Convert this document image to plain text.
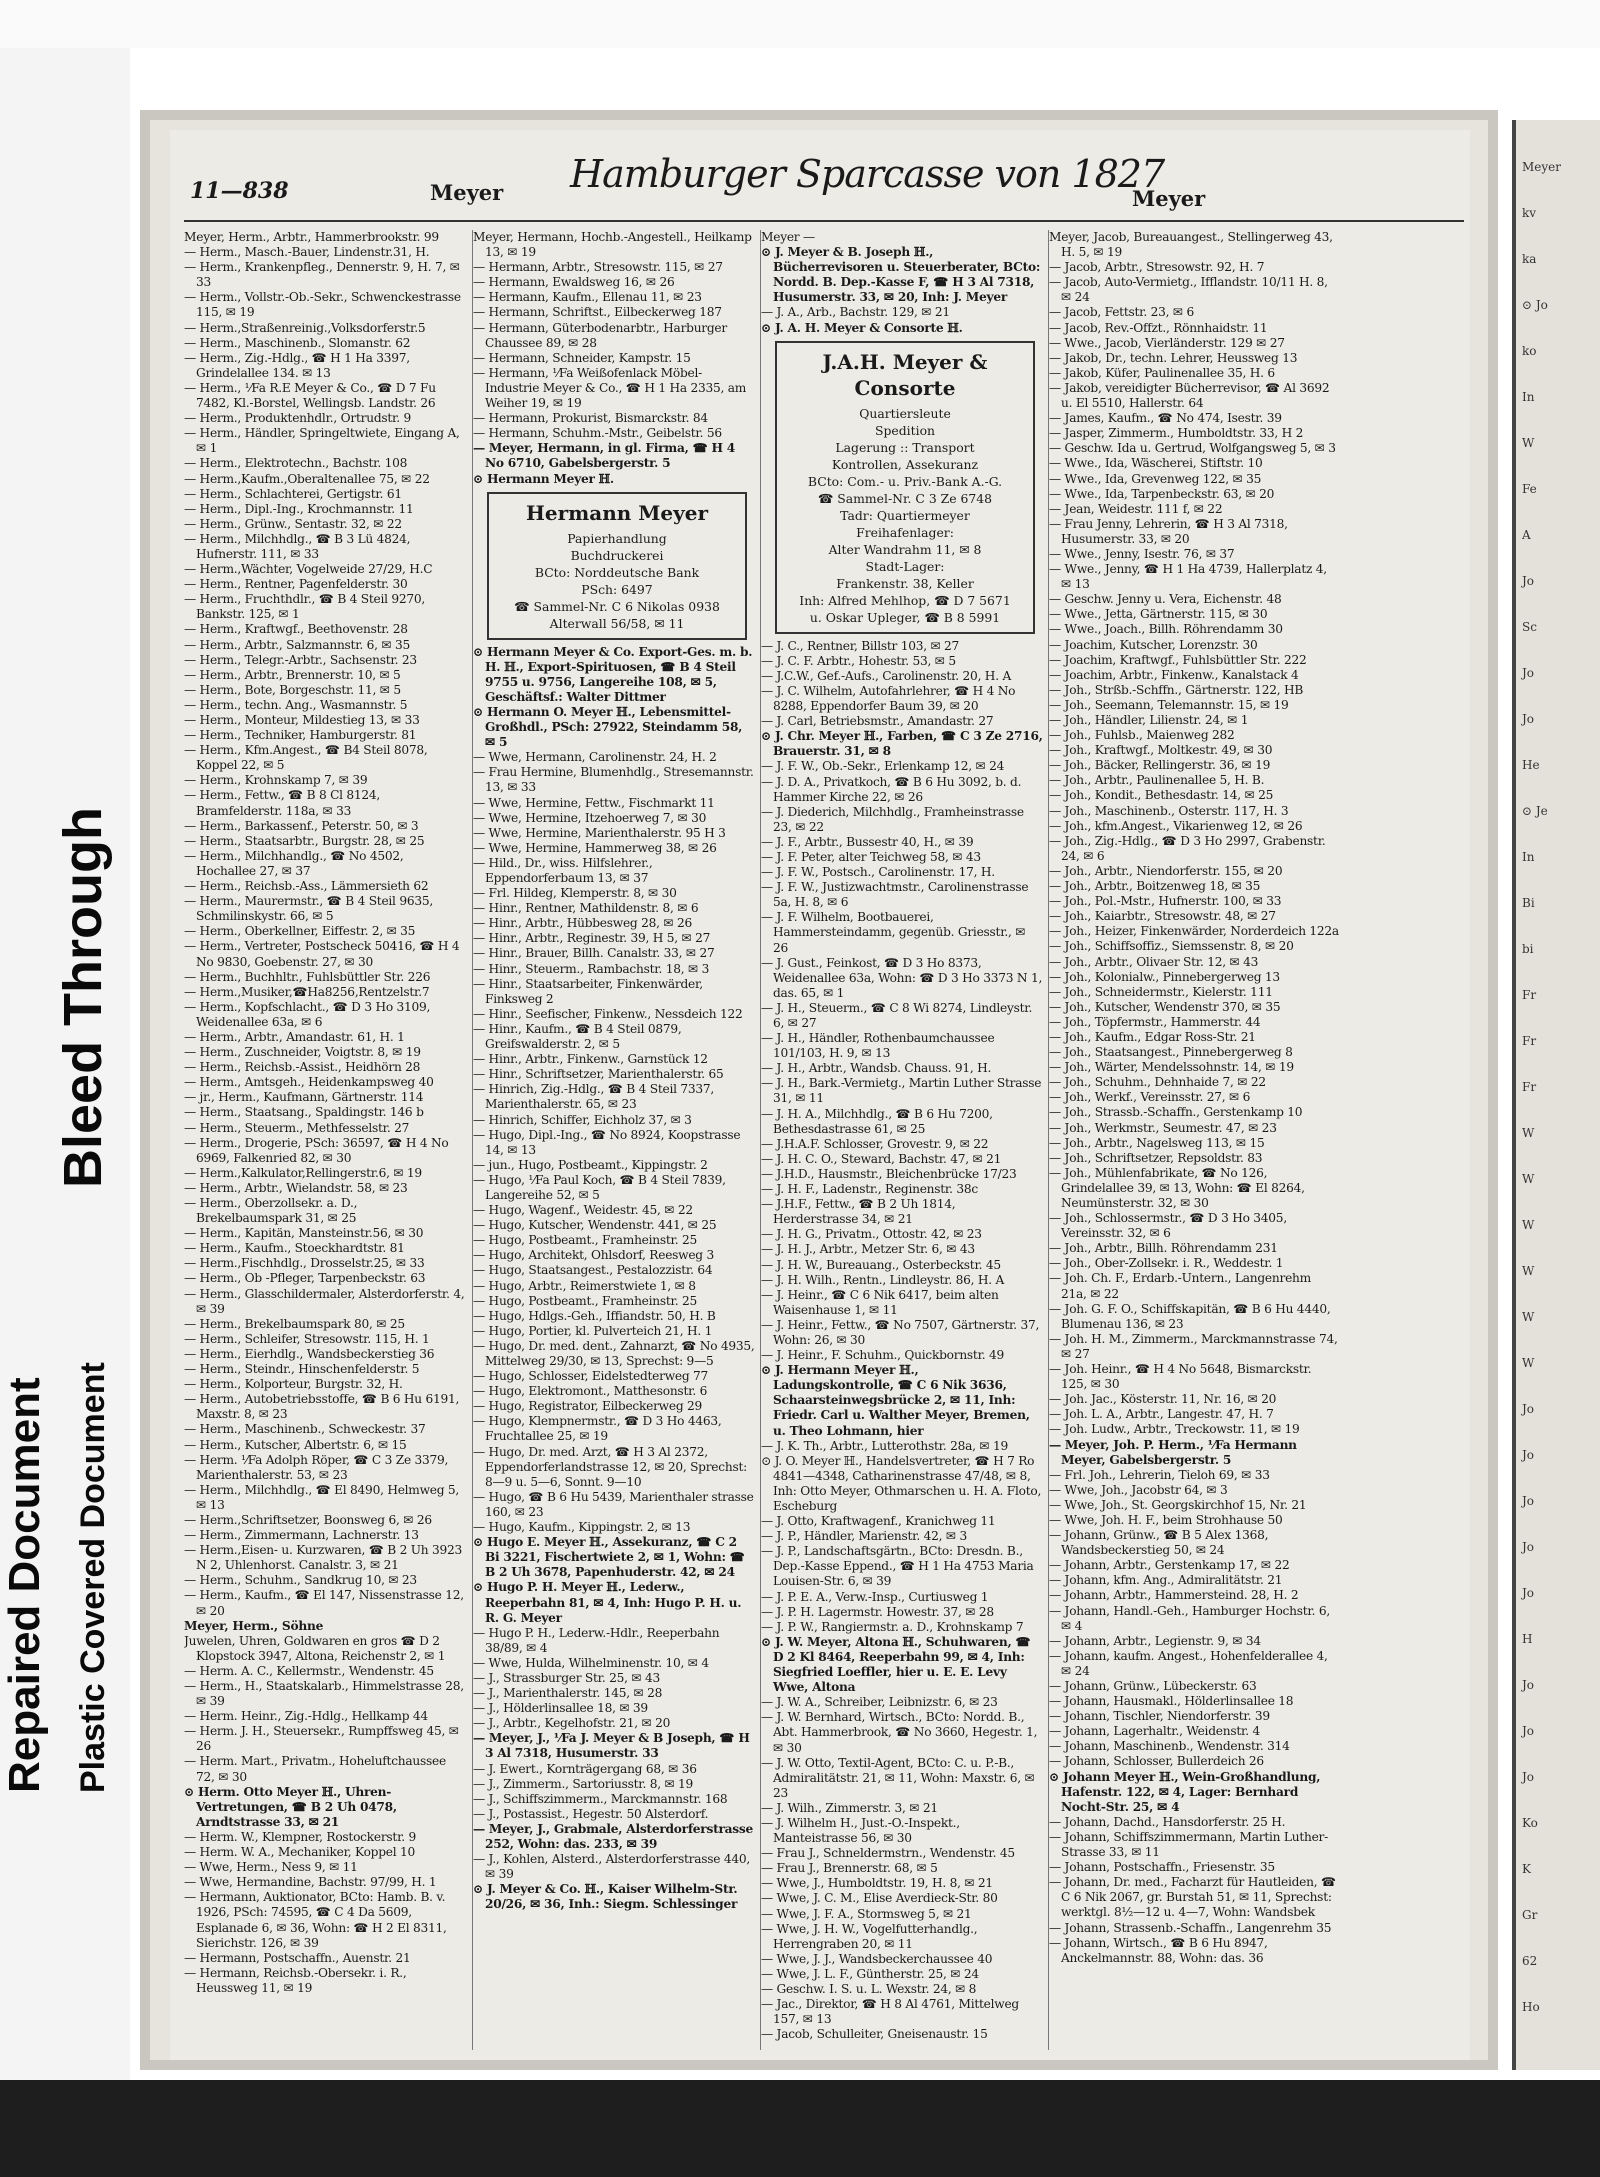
Bleed Through
Repaired Document Plastic Covered Document
11—838	Meyer Hamburger Sparcasse von 1827
Meyer
Meyer, Herm., Arbtr., Hammerbrookstr. 99
— Herm., Masch.-Bauer, Lindenstr.31, H.
— Herm., Krankenpfleg., Dennerstr. 9, H. 7, ✉ 33
— Herm., Vollstr.-Ob.-Sekr., Schwenckestrasse 115, ✉ 19
— Herm.,Straßenreinig.,Volksdorferstr.5
— Herm., Maschinenb., Slomanstr. 62
— Herm., Zig.-Hdlg., ☎ H 1 Ha 3397, Grindelallee 134. ✉ 13
— Herm., ⅟Fa R.E Meyer & Co., ☎ D 7 Fu 7482, Kl.-Borstel, Wellingsb. Landstr. 26
— Herm., Produktenhdlr., Ortrudstr. 9
— Herm., Händler, Springeltwiete, Eingang A, ✉ 1
— Herm., Elektrotechn., Bachstr. 108
— Herm.,Kaufm.,Oberaltenallee 75, ✉ 22
— Herm., Schlachterei, Gertigstr. 61
— Herm., Dipl.-Ing., Krochmannstr. 11
— Herm., Grünw., Sentastr. 32, ✉ 22
— Herm., Milchhdlg., ☎ B 3 Lü 4824, Hufnerstr. 111, ✉ 33
— Herm.,Wächter, Vogelweide 27/29, H.C
— Herm., Rentner, Pagenfelderstr. 30
— Herm., Fruchthdlr., ☎ B 4 Steil 9270, Bankstr. 125, ✉ 1
— Herm., Kraftwgf., Beethovenstr. 28
— Herm., Arbtr., Salzmannstr. 6, ✉ 35
— Herm., Telegr.-Arbtr., Sachsenstr. 23
— Herm., Arbtr., Brennerstr. 10, ✉ 5
— Herm., Bote, Borgeschstr. 11, ✉ 5
— Herm., techn. Ang., Wasmannstr. 5
— Herm., Monteur, Mildestieg 13, ✉ 33
— Herm., Techniker, Hamburgerstr. 81
— Herm., Kfm.Angest., ☎ B4 Steil 8078, Koppel 22, ✉ 5
— Herm., Krohnskamp 7, ✉ 39
— Herm., Fettw., ☎ B 8 Cl 8124, Bramfelderstr. 118a, ✉ 33
— Herm., Barkassenf., Peterstr. 50, ✉ 3
— Herm., Staatsarbtr., Burgstr. 28, ✉ 25
— Herm., Milchhandlg., ☎ No 4502, Hochallee 27, ✉ 37
— Herm., Reichsb.-Ass., Lämmersieth 62
— Herm., Maurermstr., ☎ B 4 Steil 9635, Schmilinskystr. 66, ✉ 5
— Herm., Oberkellner, Eiffestr. 2, ✉ 35
— Herm., Vertreter, Postscheck 50416, ☎ H 4 No 9830, Goebenstr. 27, ✉ 30
— Herm., Buchhltr., Fuhlsbüttler Str. 226
— Herm.,Musiker,☎Ha8256,Rentzelstr.7
— Herm., Kopfschlacht., ☎ D 3 Ho 3109, Weidenallee 63a, ✉ 6
— Herm., Arbtr., Amandastr. 61, H. 1
— Herm., Zuschneider, Voigtstr. 8, ✉ 19
— Herm., Reichsb.-Assist., Heidhörn 28
— Herm., Amtsgeh., Heidenkampsweg 40
— jr., Herm., Kaufmann, Gärtnerstr. 114
— Herm., Staatsang., Spaldingstr. 146 b
— Herm., Steuerm., Methfesselstr. 27
— Herm., Drogerie, PSch: 36597, ☎ H 4 No 6969, Falkenried 82, ✉ 30
— Herm.,Kalkulator,Rellingerstr.6, ✉ 19
— Herm., Arbtr., Wielandstr. 58, ✉ 23
— Herm., Oberzollsekr. a. D., Brekelbaumspark 31, ✉ 25
— Herm., Kapitän, Mansteinstr.56, ✉ 30
— Herm., Kaufm., Stoeckhardtstr. 81
— Herm.,Fischhdlg., Drosselstr.25, ✉ 33
— Herm., Ob -Pfleger, Tarpenbeckstr. 63
— Herm., Glasschildermaler, Alsterdorferstr. 4, ✉ 39
— Herm., Brekelbaumspark 80, ✉ 25
— Herm., Schleifer, Stresowstr. 115, H. 1
— Herm., Eierhdlg., Wandsbeckerstieg 36
— Herm., Steindr., Hinschenfelderstr. 5
— Herm., Kolporteur, Burgstr. 32, H.
— Herm., Autobetriebsstoffe, ☎ B 6 Hu 6191, Maxstr. 8, ✉ 23
— Herm., Maschinenb., Schweckestr. 37
— Herm., Kutscher, Albertstr. 6, ✉ 15
— Herm. ⅟Fa Adolph Röper, ☎ C 3 Ze 3379, Marienthalerstr. 53, ✉ 23
— Herm., Milchhdlg., ☎ El 8490, Helmweg 5, ✉ 13
— Herm.,Schriftsetzer, Boonsweg 6, ✉ 26
— Herm., Zimmermann, Lachnerstr. 13
— Herm.,Eisen- u. Kurzwaren, ☎ B 2 Uh 3923 N 2, Uhlenhorst. Canalstr. 3, ✉ 21
— Herm., Schuhm., Sandkrug 10, ✉ 23
— Herm., Kaufm., ☎ El 147, Nissenstrasse 12, ✉ 20
Meyer, Herm., Söhne
Juwelen, Uhren, Goldwaren en gros ☎ D 2 Klopstock 3947, Altona, Reichenstr 2, ✉ 1
— Herm. A. C., Kellermstr., Wendenstr. 45
— Herm., H., Staatskalarb., Himmelstrasse 28, ✉ 39
— Herm. Heinr., Zig.-Hdlg., Hellkamp 44
— Herm. J. H., Steuersekr., Rumpffsweg 45, ✉ 26
— Herm. Mart., Privatm., Hoheluftchaussee 72, ✉ 30
⊙ Herm. Otto Meyer ℍ., Uhren-Vertretungen, ☎ B 2 Uh 0478, Arndtstrasse 33, ✉ 21
— Herm. W., Klempner, Rostockerstr. 9
— Herm. W. A., Mechaniker, Koppel 10
— Wwe, Herm., Ness 9, ✉ 11
— Wwe, Hermandine, Bachstr. 97/99, H. 1
— Hermann, Auktionator, BCto: Hamb. B. v. 1926, PSch: 74595, ☎ C 4 Da 5609, Esplanade 6, ✉ 36, Wohn: ☎ H 2 El 8311, Sierichstr. 126, ✉ 39
— Hermann, Postschaffn., Auenstr. 21
— Hermann, Reichsb.-Obersekr. i. R., Heussweg 11, ✉ 19
Meyer, Hermann, Hochb.-Angestell., Heilkamp 13, ✉ 19
— Hermann, Arbtr., Stresowstr. 115, ✉ 27
— Hermann, Ewaldsweg 16, ✉ 26
— Hermann, Kaufm., Ellenau 11, ✉ 23
— Hermann, Schriftst., Eilbeckerweg 187
— Hermann, Güterbodenarbtr., Harburger Chaussee 89, ✉ 28
— Hermann, Schneider, Kampstr. 15
— Hermann, ⅟Fa Weißofenlack Möbel-Industrie Meyer & Co., ☎ H 1 Ha 2335, am Weiher 19, ✉ 19
— Hermann, Prokurist, Bismarckstr. 84
— Hermann, Schuhm.-Mstr., Geibelstr. 56
— Meyer, Hermann, in gl. Firma, ☎ H 4 No 6710, Gabelsbergerstr. 5
⊙ Hermann Meyer ℍ.
Hermann Meyer
Papierhandlung
Buchdruckerei
BCto: Norddeutsche Bank
PSch: 6497
☎ Sammel-Nr. C 6 Nikolas 0938
Alterwall 56/58, ✉ 11
⊙ Hermann Meyer & Co. Export-Ges. m. b. H. ℍ., Export-Spirituosen, ☎ B 4 Steil 9755 u. 9756, Langereihe 108, ✉ 5, Geschäftsf.: Walter Dittmer
⊙ Hermann O. Meyer ℍ., Lebensmittel-Großhdl., PSch: 27922, Steindamm 58, ✉ 5
— Wwe, Hermann, Carolinenstr. 24, H. 2
— Frau Hermine, Blumenhdlg., Stresemannstr. 13, ✉ 33
— Wwe, Hermine, Fettw., Fischmarkt 11
— Wwe, Hermine, Itzehoerweg 7, ✉ 30
— Wwe, Hermine, Marienthalerstr. 95 H 3
— Wwe, Hermine, Hammerweg 38, ✉ 26
— Hild., Dr., wiss. Hilfslehrer., Eppendorferbaum 13, ✉ 37
— Frl. Hildeg, Klemperstr. 8, ✉ 30
— Hinr., Rentner, Mathildenstr. 8, ✉ 6
— Hinr., Arbtr., Hübbesweg 28, ✉ 26
— Hinr., Arbtr., Reginestr. 39, H 5, ✉ 27
— Hinr., Brauer, Billh. Canalstr. 33, ✉ 27
— Hinr., Steuerm., Rambachstr. 18, ✉ 3
— Hinr., Staatsarbeiter, Finkenwärder, Finksweg 2
— Hinr., Seefischer, Finkenw., Nessdeich 122
— Hinr., Kaufm., ☎ B 4 Steil 0879, Greifswalderstr. 2, ✉ 5
— Hinr., Arbtr., Finkenw., Garnstück 12
— Hinr., Schriftsetzer, Marienthalerstr. 65
— Hinrich, Zig.-Hdlg., ☎ B 4 Steil 7337, Marienthalerstr. 65, ✉ 23
— Hinrich, Schiffer, Eichholz 37, ✉ 3
— Hugo, Dipl.-Ing., ☎ No 8924, Koopstrasse 14, ✉ 13
— jun., Hugo, Postbeamt., Kippingstr. 2
— Hugo, ⅟Fa Paul Koch, ☎ B 4 Steil 7839, Langereihe 52, ✉ 5
— Hugo, Wagenf., Weidestr. 45, ✉ 22
— Hugo, Kutscher, Wendenstr. 441, ✉ 25
— Hugo, Postbeamt., Framheinstr. 25
— Hugo, Architekt, Ohlsdorf, Reesweg 3
— Hugo, Staatsangest., Pestalozzistr. 64
— Hugo, Arbtr., Reimerstwiete 1, ✉ 8
— Hugo, Postbeamt., Framheinstr. 25
— Hugo, Hdlgs.-Geh., Iffiandstr. 50, H. B
— Hugo, Portier, kl. Pulverteich 21, H. 1
— Hugo, Dr. med. dent., Zahnarzt, ☎ No 4935, Mittelweg 29/30, ✉ 13, Sprechst: 9—5
— Hugo, Schlosser, Eidelstedterweg 77
— Hugo, Elektromont., Matthesonstr. 6
— Hugo, Registrator, Eilbeckerweg 29
— Hugo, Klempnermstr., ☎ D 3 Ho 4463, Fruchtallee 25, ✉ 19
— Hugo, Dr. med. Arzt, ☎ H 3 Al 2372, Eppendorferlandstrasse 12, ✉ 20, Sprechst: 8—9 u. 5—6, Sonnt. 9—10
— Hugo, ☎ B 6 Hu 5439, Marienthaler strasse 160, ✉ 23
— Hugo, Kaufm., Kippingstr. 2, ✉ 13
⊙ Hugo E. Meyer ℍ., Assekuranz, ☎ C 2 Bi 3221, Fischertwiete 2, ✉ 1, Wohn: ☎ B 2 Uh 3678, Papenhuderstr. 42, ✉ 24
⊙ Hugo P. H. Meyer ℍ., Lederw., Reeperbahn 81, ✉ 4, Inh: Hugo P. H. u. R. G. Meyer
— Hugo P. H., Lederw.-Hdlr., Reeperbahn 38/89, ✉ 4
— Wwe, Hulda, Wilhelminenstr. 10, ✉ 4
— J., Strassburger Str. 25, ✉ 43
— J., Marienthalerstr. 145, ✉ 28
— J., Hölderlinsallee 18, ✉ 39
— J., Arbtr., Kegelhofstr. 21, ✉ 20
— Meyer, J., ⅟Fa J. Meyer & B Joseph, ☎ H 3 Al 7318, Husumerstr. 33
— J. Ewert., Kornträgergang 68, ✉ 36
— J., Zimmerm., Sartoriusstr. 8, ✉ 19
— J., Schiffszimmerm., Marckmannstr. 168
— J., Postassist., Hegestr. 50 Alsterdorf.
— Meyer, J., Grabmale, Alsterdorferstrasse 252, Wohn: das. 233, ✉ 39
— J., Kohlen, Alsterd., Alsterdorferstrasse 440, ✉ 39
⊙ J. Meyer & Co. ℍ., Kaiser Wilhelm-Str. 20/26, ✉ 36, Inh.: Siegm. Schlessinger
Meyer —
⊙ J. Meyer & B. Joseph ℍ., Bücherrevisoren u. Steuerberater, BCto: Nordd. B. Dep.-Kasse F, ☎ H 3 Al 7318, Husumerstr. 33, ✉ 20, Inh: J. Meyer
— J. A., Arb., Bachstr. 129, ✉ 21
⊙ J. A. H. Meyer & Consorte ℍ.
J.A.H. Meyer & Consorte
Quartiersleute
Spedition
Lagerung :: Transport
Kontrollen, Assekuranz
BCto: Com.- u. Priv.-Bank A.-G.
☎ Sammel-Nr. C 3 Ze 6748
Tadr: Quartiermeyer
Freihafenlager:
Alter Wandrahm 11, ✉ 8
Stadt-Lager:
Frankenstr. 38, Keller
Inh: Alfred Mehlhop, ☎ D 7 5671
u. Oskar Upleger, ☎ B 8 5991
— J. C., Rentner, Billstr 103, ✉ 27
— J. C. F. Arbtr., Hohestr. 53, ✉ 5
— J.C.W., Gef.-Aufs., Carolinenstr. 20, H. A
— J. C. Wilhelm, Autofahrlehrer, ☎ H 4 No 8288, Eppendorfer Baum 39, ✉ 20
— J. Carl, Betriebsmstr., Amandastr. 27
⊙ J. Chr. Meyer ℍ., Farben, ☎ C 3 Ze 2716, Brauerstr. 31, ✉ 8
— J. F. W., Ob.-Sekr., Erlenkamp 12, ✉ 24
— J. D. A., Privatkoch, ☎ B 6 Hu 3092, b. d. Hammer Kirche 22, ✉ 26
— J. Diederich, Milchhdlg., Framheinstrasse 23, ✉ 22
— J. F., Arbtr., Bussestr 40, H., ✉ 39
— J. F. Peter, alter Teichweg 58, ✉ 43
— J. F. W., Postsch., Carolinenstr. 17, H.
— J. F. W., Justizwachtmstr., Carolinenstrasse 5a, H. 8, ✉ 6
— J. F. Wilhelm, Bootbauerei, Hammersteindamm, gegenüb. Griesstr., ✉ 26
— J. Gust., Feinkost, ☎ D 3 Ho 8373, Weidenallee 63a, Wohn: ☎ D 3 Ho 3373 N 1, das. 65, ✉ 1
— J. H., Steuerm., ☎ C 8 Wi 8274, Lindleystr. 6, ✉ 27
— J. H., Händler, Rothenbaumchaussee 101/103, H. 9, ✉ 13
— J. H., Arbtr., Wandsb. Chauss. 91, H.
— J. H., Bark.-Vermietg., Martin Luther Strasse 31, ✉ 11
— J. H. A., Milchhdlg., ☎ B 6 Hu 7200, Bethesdastrasse 61, ✉ 25
— J.H.A.F. Schlosser, Grovestr. 9, ✉ 22
— J. H. C. O., Steward, Bachstr. 47, ✉ 21
— J.H.D., Hausmstr., Bleichenbrücke 17/23
— J. H. F., Ladenstr., Reginenstr. 38c
— J.H.F., Fettw., ☎ B 2 Uh 1814, Herderstrasse 34, ✉ 21
— J. H. G., Privatm., Ottostr. 42, ✉ 23
— J. H. J., Arbtr., Metzer Str. 6, ✉ 43
— J. H. W., Bureauang., Osterbeckstr. 45
— J. H. Wilh., Rentn., Lindleystr. 86, H. A
— J. Heinr., ☎ C 6 Nik 6417, beim alten Waisenhause 1, ✉ 11
— J. Heinr., Fettw., ☎ No 7507, Gärtnerstr. 37, Wohn: 26, ✉ 30
— J. Heinr., F. Schuhm., Quickbornstr. 49
⊙ J. Hermann Meyer ℍ., Ladungskontrolle, ☎ C 6 Nik 3636, Schaarsteinwegsbrücke 2, ✉ 11, Inh: Friedr. Carl u. Walther Meyer, Bremen, u. Theo Lohmann, hier
— J. K. Th., Arbtr., Lutterothstr. 28a, ✉ 19
⊙ J. O. Meyer ℍ., Handelsvertreter, ☎ H 7 Ro 4841—4348, Catharinenstrasse 47/48, ✉ 8, Inh: Otto Meyer, Othmarschen u. H. A. Floto, Escheburg
— J. Otto, Kraftwagenf., Kranichweg 11
— J. P., Händler, Marienstr. 42, ✉ 3
— J. P., Landschaftsgärtn., BCto: Dresdn. B., Dep.-Kasse Eppend., ☎ H 1 Ha 4753 Maria Louisen-Str. 6, ✉ 39
— J. P. E. A., Verw.-Insp., Curtiusweg 1
— J. P. H. Lagermstr. Howestr. 37, ✉ 28
— J. P. W., Rangiermstr. a. D., Krohnskamp 7
⊙ J. W. Meyer, Altona ℍ., Schuhwaren, ☎ D 2 Kl 8464, Reeperbahn 99, ✉ 4, Inh: Siegfried Loeffler, hier u. E. E. Levy Wwe, Altona
— J. W. A., Schreiber, Leibnizstr. 6, ✉ 23
— J. W. Bernhard, Wirtsch., BCto: Nordd. B., Abt. Hammerbrook, ☎ No 3660, Hegestr. 1, ✉ 30
— J. W. Otto, Textil-Agent, BCto: C. u. P.-B., Admiralitätstr. 21, ✉ 11, Wohn: Maxstr. 6, ✉ 23
— J. Wilh., Zimmerstr. 3, ✉ 21
— J. Wilhelm H., Just.-O.-Inspekt., Manteistrasse 56, ✉ 30
— Frau J., Schneldermstrn., Wendenstr. 45
— Frau J., Brennerstr. 68, ✉ 5
— Wwe, J., Humboldtstr. 19, H. 8, ✉ 21
— Wwe, J. C. M., Elise Averdieck-Str. 80
— Wwe, J. F. A., Stormsweg 5, ✉ 21
— Wwe, J. H. W., Vogelfutterhandlg., Herrengraben 20, ✉ 11
— Wwe, J. J., Wandsbeckerchaussee 40
— Wwe, J. L. F., Güntherstr. 25, ✉ 24
— Geschw. I. S. u. L. Wexstr. 24, ✉ 8
— Jac., Direktor, ☎ H 8 Al 4761, Mittelweg 157, ✉ 13
— Jacob, Schulleiter, Gneisenaustr. 15
Meyer, Jacob, Bureauangest., Stellingerweg 43, H. 5, ✉ 19
— Jacob, Arbtr., Stresowstr. 92, H. 7
— Jacob, Auto-Vermietg., Ifflandstr. 10/11 H. 8, ✉ 24
— Jacob, Fettstr. 23, ✉ 6
— Jacob, Rev.-Offzt., Rönnhaidstr. 11
— Wwe., Jacob, Vierländerstr. 129 ✉ 27
— Jakob, Dr., techn. Lehrer, Heussweg 13
— Jakob, Küfer, Paulinenallee 35, H. 6
— Jakob, vereidigter Bücherrevisor, ☎ Al 3692 u. El 5510, Hallerstr. 64
— James, Kaufm., ☎ No 474, Isestr. 39
— Jasper, Zimmerm., Humboldtstr. 33, H 2
— Geschw. Ida u. Gertrud, Wolfgangsweg 5, ✉ 3
— Wwe., Ida, Wäscherei, Stiftstr. 10
— Wwe., Ida, Grevenweg 122, ✉ 35
— Wwe., Ida, Tarpenbeckstr. 63, ✉ 20
— Jean, Weidestr. 111 f, ✉ 22
— Frau Jenny, Lehrerin, ☎ H 3 Al 7318, Husumerstr. 33, ✉ 20
— Wwe., Jenny, Isestr. 76, ✉ 37
— Wwe., Jenny, ☎ H 1 Ha 4739, Hallerplatz 4, ✉ 13
— Geschw. Jenny u. Vera, Eichenstr. 48
— Wwe., Jetta, Gärtnerstr. 115, ✉ 30
— Wwe., Joach., Billh. Röhrendamm 30
— Joachim, Kutscher, Lorenzstr. 30
— Joachim, Kraftwgf., Fuhlsbüttler Str. 222
— Joachim, Arbtr., Finkenw., Kanalstack 4
— Joh., Strßb.-Schffn., Gärtnerstr. 122, HB
— Joh., Seemann, Telemannstr. 15, ✉ 19
— Joh., Händler, Lilienstr. 24, ✉ 1
— Joh., Fuhlsb., Maienweg 282
— Joh., Kraftwgf., Moltkestr. 49, ✉ 30
— Joh., Bäcker, Rellingerstr. 36, ✉ 19
— Joh., Arbtr., Paulinenallee 5, H. B.
— Joh., Kondit., Bethesdastr. 14, ✉ 25
— Joh., Maschinenb., Osterstr. 117, H. 3
— Joh., kfm.Angest., Vikarienweg 12, ✉ 26
— Joh., Zig.-Hdlg., ☎ D 3 Ho 2997, Grabenstr. 24, ✉ 6
— Joh., Arbtr., Niendorferstr. 155, ✉ 20
— Joh., Arbtr., Boitzenweg 18, ✉ 35
— Joh., Pol.-Mstr., Hufnerstr. 100, ✉ 33
— Joh., Kaiarbtr., Stresowstr. 48, ✉ 27
— Joh., Heizer, Finkenwärder, Norderdeich 122a
— Joh., Schiffsoffiz., Siemssenstr. 8, ✉ 20
— Joh., Arbtr., Olivaer Str. 12, ✉ 43
— Joh., Kolonialw., Pinnebergerweg 13
— Joh., Schneidermstr., Kielerstr. 111
— Joh., Kutscher, Wendenstr 370, ✉ 35
— Joh., Töpfermstr., Hammerstr. 44
— Joh., Kaufm., Edgar Ross-Str. 21
— Joh., Staatsangest., Pinnebergerweg 8
— Joh., Wärter, Mendelssohnstr. 14, ✉ 19
— Joh., Schuhm., Dehnhaide 7, ✉ 22
— Joh., Werkf., Vereinsstr. 27, ✉ 6
— Joh., Strassb.-Schaffn., Gerstenkamp 10
— Joh., Werkmstr., Seumestr. 47, ✉ 23
— Joh., Arbtr., Nagelsweg 113, ✉ 15
— Joh., Schriftsetzer, Repsoldstr. 83
— Joh., Mühlenfabrikate, ☎ No 126, Grindelallee 39, ✉ 13, Wohn: ☎ El 8264, Neumünsterstr. 32, ✉ 30
— Joh., Schlossermstr., ☎ D 3 Ho 3405, Vereinsstr. 32, ✉ 6
— Joh., Arbtr., Billh. Röhrendamm 231
— Joh., Ober-Zollsekr. i. R., Weddestr. 1
— Joh. Ch. F., Erdarb.-Untern., Langenrehm 21a, ✉ 22
— Joh. G. F. O., Schiffskapitän, ☎ B 6 Hu 4440, Blumenau 136, ✉ 23
— Joh. H. M., Zimmerm., Marckmannstrasse 74, ✉ 27
— Joh. Heinr., ☎ H 4 No 5648, Bismarckstr. 125, ✉ 30
— Joh. Jac., Kösterstr. 11, Nr. 16, ✉ 20
— Joh. L. A., Arbtr., Langestr. 47, H. 7
— Joh. Ludw., Arbtr., Treckowstr. 11, ✉ 19
— Meyer, Joh. P. Herm., ⅟Fa Hermann Meyer, Gabelsbergerstr. 5
— Frl. Joh., Lehrerin, Tieloh 69, ✉ 33
— Wwe, Joh., Jacobstr 64, ✉ 3
— Wwe, Joh., St. Georgskirchhof 15, Nr. 21
— Wwe, Joh. H. F., beim Strohhause 50
— Johann, Grünw., ☎ B 5 Alex 1368, Wandsbeckerstieg 50, ✉ 24
— Johann, Arbtr., Gerstenkamp 17, ✉ 22
— Johann, kfm. Ang., Admiralitätstr. 21
— Johann, Arbtr., Hammersteind. 28, H. 2
— Johann, Handl.-Geh., Hamburger Hochstr. 6, ✉ 4
— Johann, Arbtr., Legienstr. 9, ✉ 34
— Johann, kaufm. Angest., Hohenfelderallee 4, ✉ 24
— Johann, Grünw., Lübeckerstr. 63
— Johann, Hausmakl., Hölderlinsallee 18
— Johann, Tischler, Niendorferstr. 39
— Johann, Lagerhaltr., Weidenstr. 4
— Johann, Maschinenb., Wendenstr. 314
— Johann, Schlosser, Bullerdeich 26
⊙ Johann Meyer ℍ., Wein-Großhandlung, Hafenstr. 122, ✉ 4, Lager: Bernhard Nocht-Str. 25, ✉ 4
— Johann, Dachd., Hansdorferstr. 25 H.
— Johann, Schiffszimmermann, Martin Luther-Strasse 33, ✉ 11
— Johann, Postschaffn., Friesenstr. 35
— Johann, Dr. med., Facharzt für Hautleiden, ☎ C 6 Nik 2067, gr. Burstah 51, ✉ 11, Sprechst: werktgl. 8½—12 u. 4—7, Wohn: Wandsbek
— Johann, Strassenb.-Schaffn., Langenrehm 35
— Johann, Wirtsch., ☎ B 6 Hu 8947, Anckelmannstr. 88, Wohn: das. 36
Meyer
kv
ka
⊙ Jo
ko
In
W
Fe
A
Jo
Sc
Jo
Jo
He
⊙ Je
In
Bi
bi
Fr
Fr
Fr
W
W
W
W
W
W
Jo
Jo
Jo
Jo
Jo
H
Jo
Jo
Jo
Ko
K
Gr
62
Ho
